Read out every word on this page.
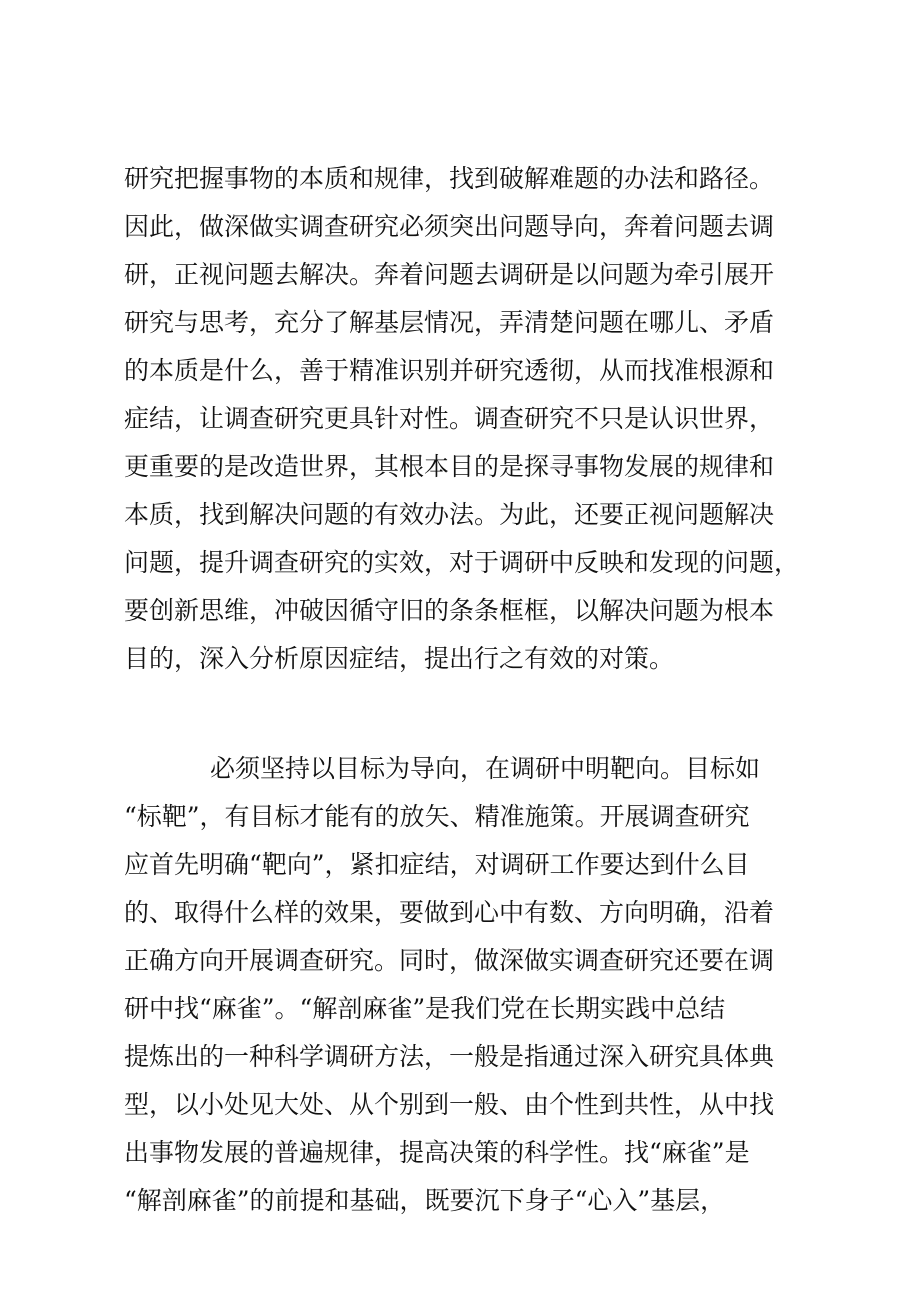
研究把握事物的本质和规律，找到破解难题的办法和路径。
因此，做深做实调查研究必须突出问题导向，奔着问题去调
研，正视问题去解决。奔着问题去调研是以问题为牵引展开
研究与思考，充分了解基层情况，弄清楚问题在哪儿、矛盾
的本质是什么，善于精准识别并研究透彻，从而找准根源和
症结，让调查研究更具针对性。调查研究不只是认识世界，
更重要的是改造世界，其根本目的是探寻事物发展的规律和
本质，找到解决问题的有效办法。为此，还要正视问题解决
问题，提升调查研究的实效，对于调研中反映和发现的问题，
要创新思维，冲破因循守旧的条条框框，以解决问题为根本
目的，深入分析原因症结，提出行之有效的对策。
必须坚持以目标为导向，在调研中明靶向。目标如
“标靶”，有目标才能有的放矢、精准施策。开展调查研究
应首先明确“靶向”，紧扣症结，对调研工作要达到什么目
的、取得什么样的效果，要做到心中有数、方向明确，沿着
正确方向开展调查研究。同时，做深做实调查研究还要在调
研中找“麻雀”。“解剖麻雀”是我们党在长期实践中总结
提炼出的一种科学调研方法，一般是指通过深入研究具体典
型，以小处见大处、从个别到一般、由个性到共性，从中找
出事物发展的普遍规律，提高决策的科学性。找“麻雀”是
“解剖麻雀”的前提和基础，既要沉下身子“心入”基层，
